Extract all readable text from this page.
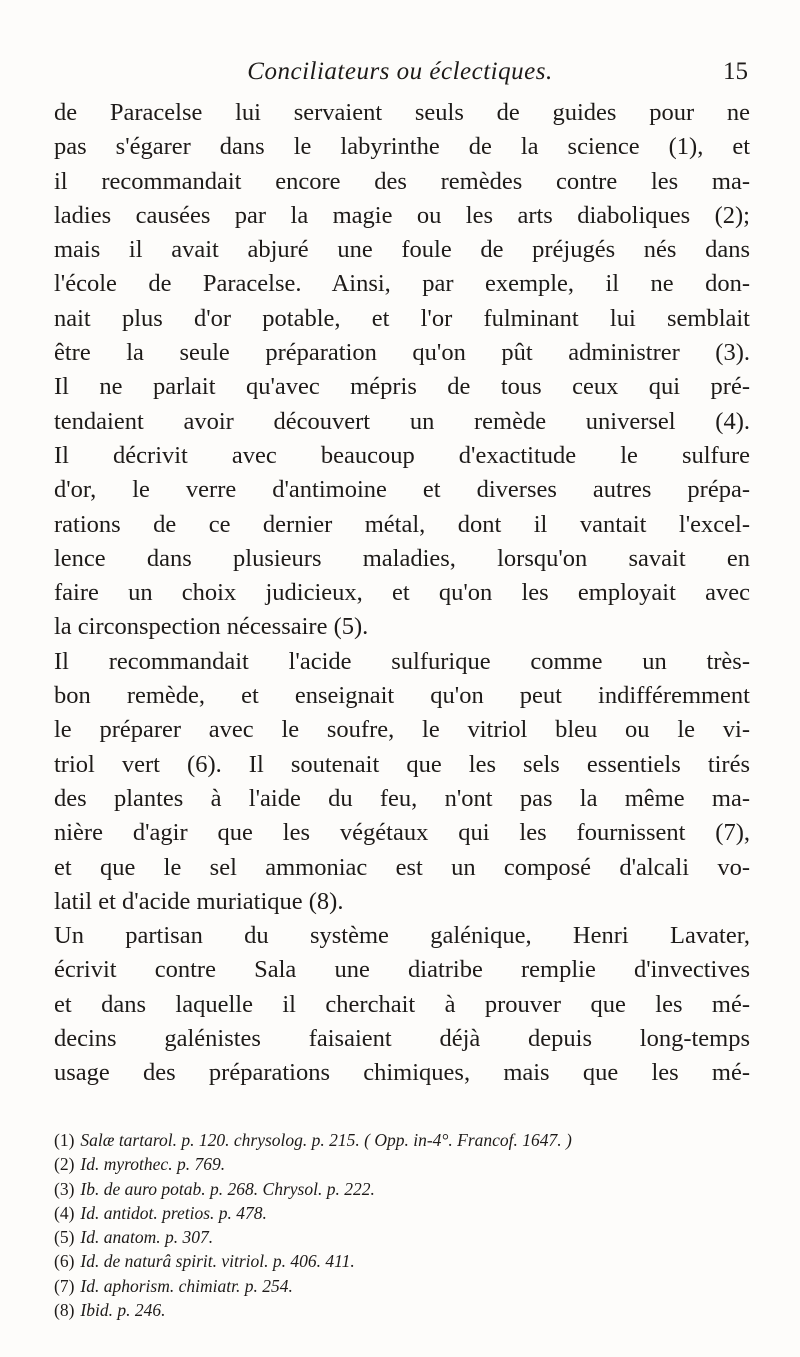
Conciliateurs ou éclectiques.	15
de Paracelse lui servaient seuls de guides pour ne
pas s'égarer dans le labyrinthe de la science (1), et
il recommandait encore des remèdes contre les ma-
ladies causées par la magie ou les arts diaboliques (2);
mais il avait abjuré une foule de préjugés nés dans
l'école de Paracelse. Ainsi, par exemple, il ne don-
nait plus d'or potable, et l'or fulminant lui semblait
être la seule préparation qu'on pût administrer (3).
Il ne parlait qu'avec mépris de tous ceux qui pré-
tendaient avoir découvert un remède universel (4).
Il décrivit avec beaucoup d'exactitude le sulfure
d'or, le verre d'antimoine et diverses autres prépa-
rations de ce dernier métal, dont il vantait l'excel-
lence dans plusieurs maladies, lorsqu'on savait en
faire un choix judicieux, et qu'on les employait avec
la circonspection nécessaire (5).
Il recommandait l'acide sulfurique comme un très-
bon remède, et enseignait qu'on peut indifféremment
le préparer avec le soufre, le vitriol bleu ou le vi-
triol vert (6). Il soutenait que les sels essentiels tirés
des plantes à l'aide du feu, n'ont pas la même ma-
nière d'agir que les végétaux qui les fournissent (7),
et que le sel ammoniac est un composé d'alcali vo-
latil et d'acide muriatique (8).
Un partisan du système galénique, Henri Lavater,
écrivit contre Sala une diatribe remplie d'invectives
et dans laquelle il cherchait à prouver que les mé-
decins galénistes faisaient déjà depuis long-temps
usage des préparations chimiques, mais que les mé-
(1) Salæ tartarol. p. 120. chrysolog. p. 215. ( Opp. in-4°. Francof. 1647. )
(2) Id. myrothec. p. 769.
(3) Ib. de auro potab. p. 268. Chrysol. p. 222.
(4) Id. antidot. pretios. p. 478.
(5) Id. anatom. p. 307.
(6) Id. de naturâ spirit. vitriol. p. 406. 411.
(7) Id. aphorism. chimiatr. p. 254.
(8) Ibid. p. 246.
